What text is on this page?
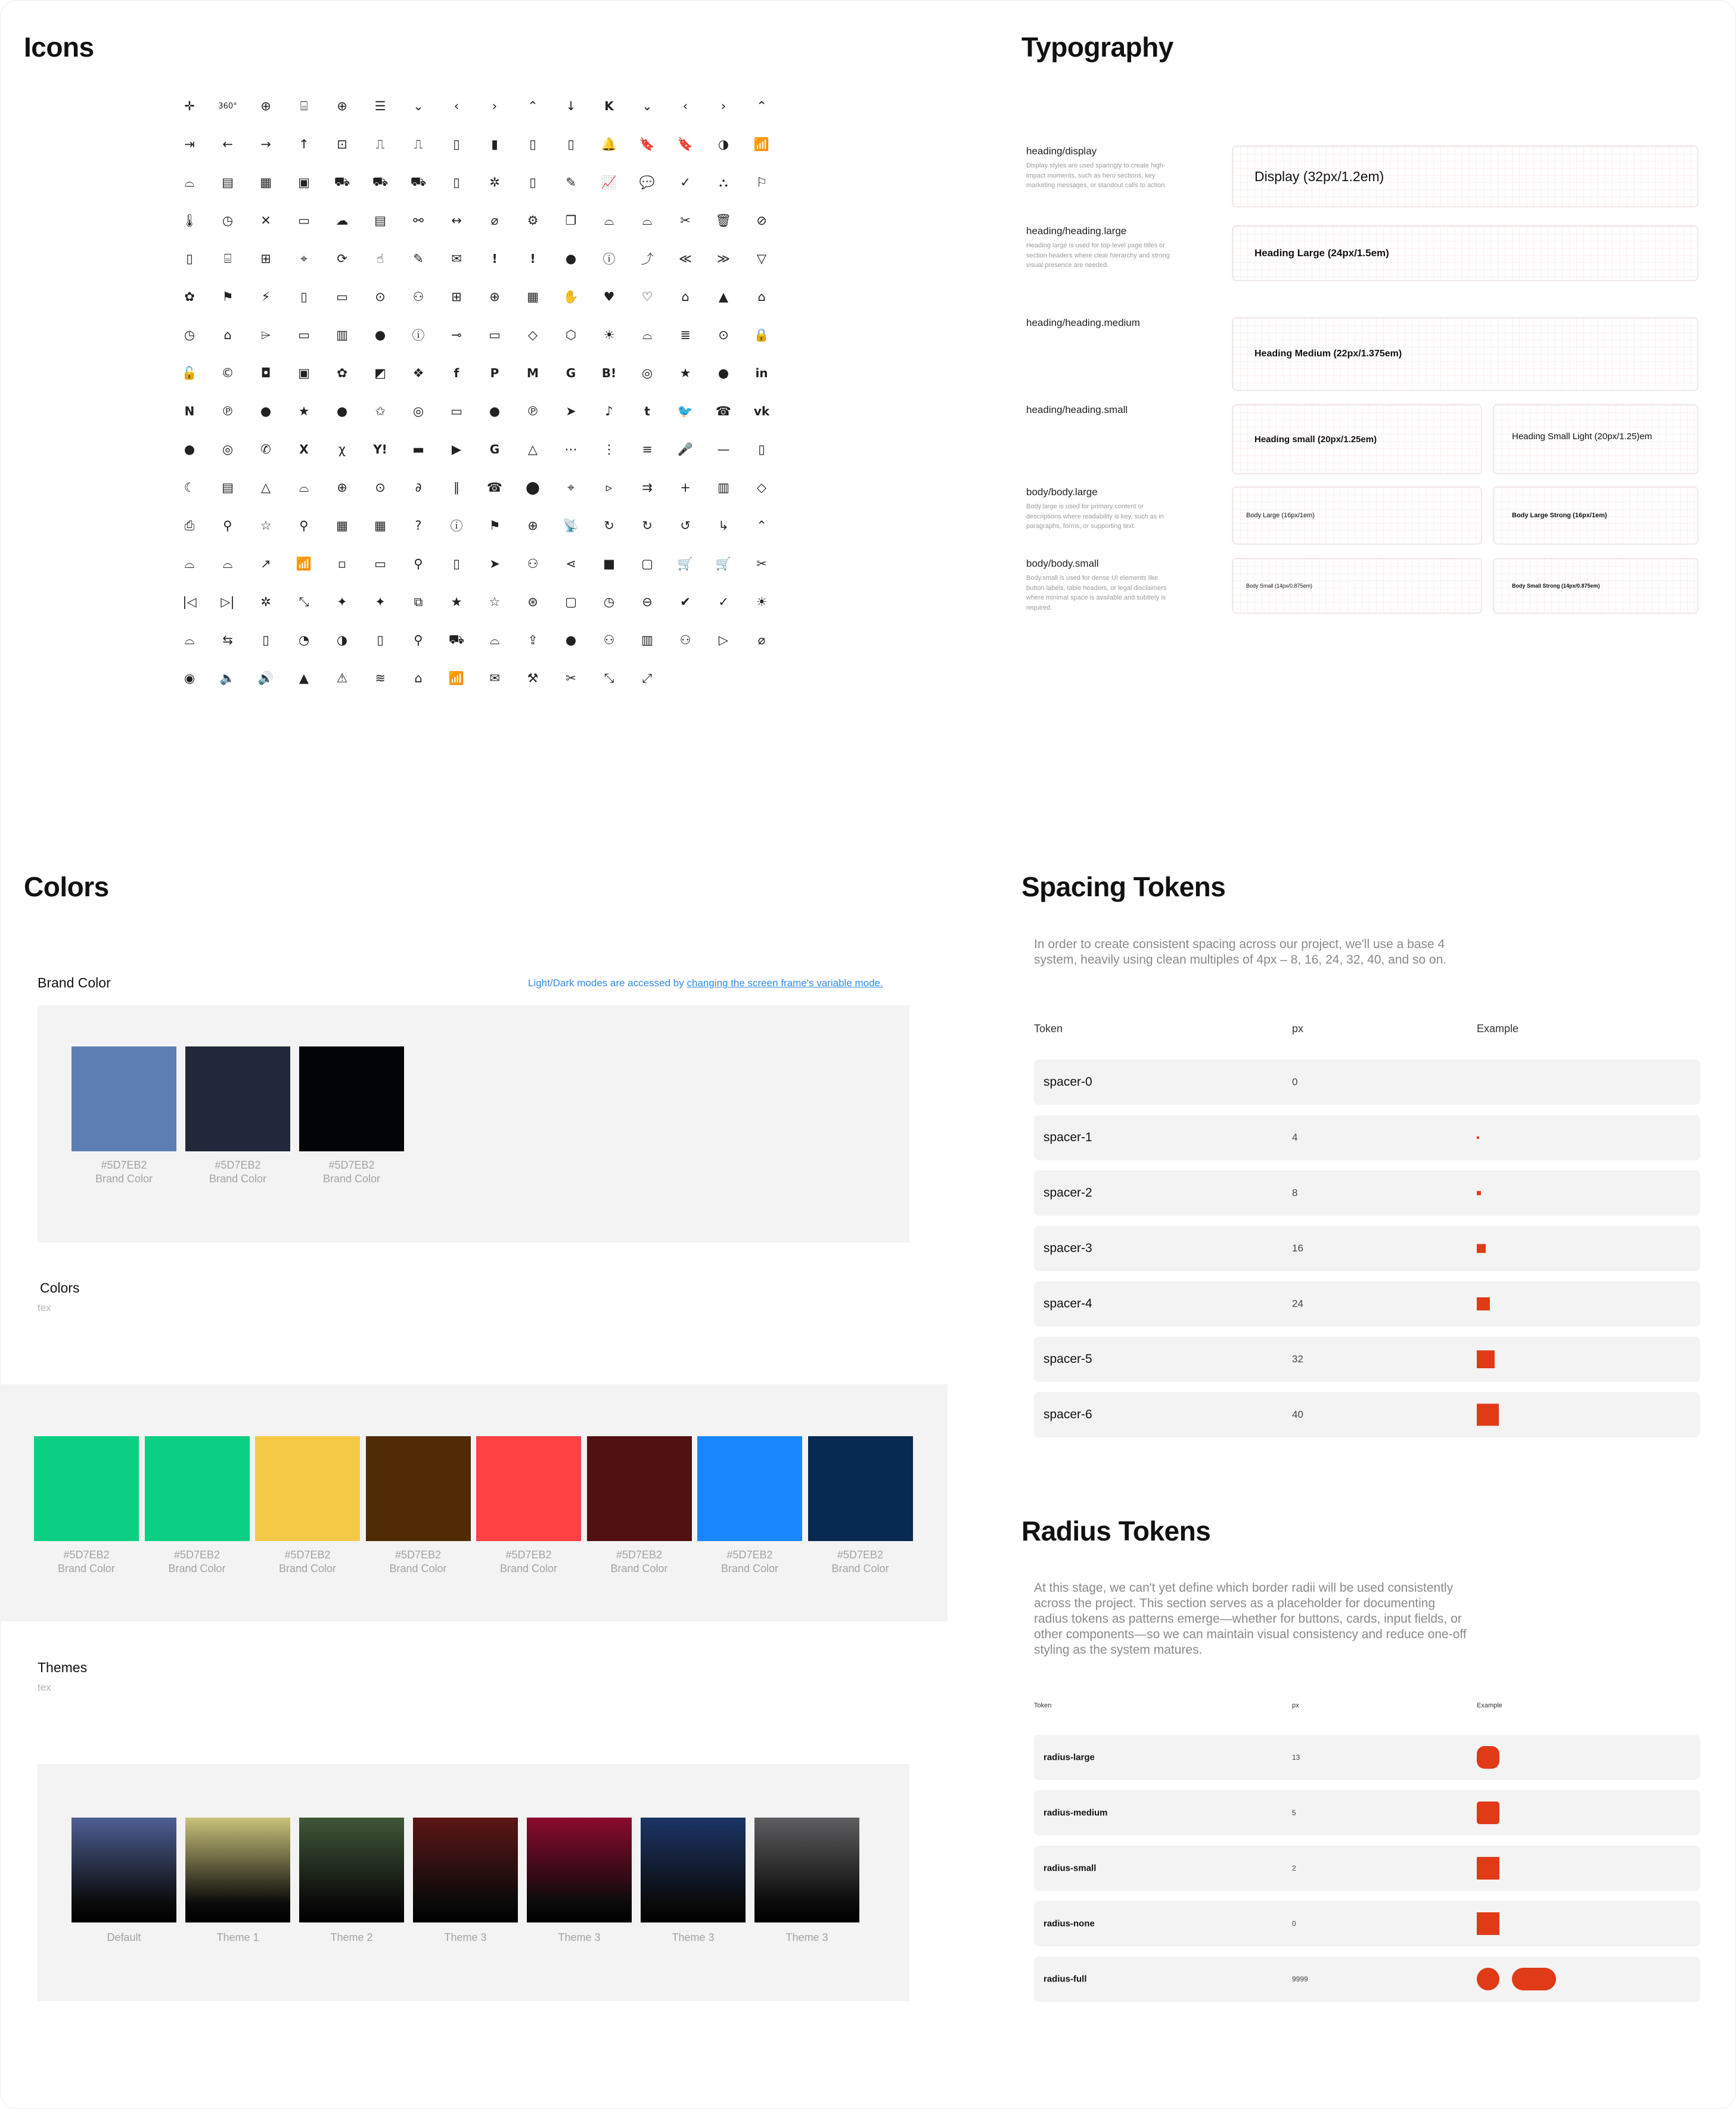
Icons
✛	360°	⊕	⌸	⊕	☰	⌄	‹	›	⌃	↓	K	⌄	‹	›	⌃
⇥	←	→	↑	⊡	⎍	⎍	▯	▮	▯	▯	🔔	🔖	🔖	◑	📶
⌓	▤	▦	▣	⛟	⛟	⛟	▯	✲	▯	✎	📈	💬	✓	⛬	⚐
🌡	◷	✕	▭	☁	▤	⚯	↔	⌀	⚙	❐	⌓	⌓	✂	🗑	⊘
▯	⌸	⊞	⌖	⟳	☝	✎	✉	!	!	●	ⓘ	⤴	≪	≫	▽
✿	⚑	⚡	▯	▭	⊙	⚇	⊞	⊕	▦	✋	♥	♡	⌂	▲	⌂
◷	⌂	⌲	▭	▥	●	ⓘ	⊸	▭	◇	⬡	☀	⌓	≣	⊙	🔒
🔓	©	◘	▣	✿	◩	❖	f	P	M	G	B!	◎	★	●	in
N	℗	●	★	●	✩	◎	▭	●	℗	➤	♪	t	🐦	☎	vk
●	◎	✆	X	χ	Y!	▬	▶	G	△	⋯	⋮	≡	🎤	—	▯
☾	▤	△	⌓	⊕	⊙	∂	∥	☎	⬤	⌖	▹	⇉	+	▥	◇
⎙	⚲	☆	⚲	▦	▦	?	ⓘ	⚑	⊕	📡	↻	↻	↺	↳	⌃
⌓	⌓	↗	📶	▫	▭	⚲	▯	➤	⚇	⋖	■	▢	🛒	🛒	✂
|◁	▷|	✲	⤡	✦	✦	⧉	★	☆	⊛	▢	◷	⊖	✔	✓	☀
⌓	⇆	▯	◔	◑	▯	⚲	⛟	⌓	⇪	●	⚇	▥	⚇	▷	⌀
◉	🔈	🔊	▲	⚠	≋	⌂	📶	✉	⚒	✂	⤡	⤢
Typography
heading/display
Display styles are used sparingly to create high-impact moments, such as hero sections, key marketing messages, or standout calls to action.
Display (32px/1.2em)
heading/heading.large
Heading large is used for top-level page titles or section headers where clear hierarchy and strong visual presence are needed.
Heading Large (24px/1.5em)
heading/heading.medium
Heading Medium (22px/1.375em)
heading/heading.small
Heading small (20px/1.25em)	Heading Small Light (20px/1.25)em
body/body.large
Body.large is used for primary content or descriptions where readability is key, such as in paragraphs, forms, or supporting text.
Body Large (16px/1em)	Body Large Strong (16px/1em)
body/body.small
Body.small is used for dense UI elements like button labels, table headers, or legal disclaimers where minimal space is available and subtlety is required.
Body Small (14px/0.875em)	Body Small Strong (14px/0.875em)
Colors
Brand Color	Light/Dark modes are accessed by changing the screen frame's variable mode.
#5D7EB2
Brand Color
#5D7EB2
Brand Color
#5D7EB2
Brand Color
Colors
tex
#5D7EB2
Brand Color
#5D7EB2
Brand Color
#5D7EB2
Brand Color
#5D7EB2
Brand Color
#5D7EB2
Brand Color
#5D7EB2
Brand Color
#5D7EB2
Brand Color
#5D7EB2
Brand Color
Themes
tex
Default	Theme 1	Theme 2	Theme 3	Theme 3	Theme 3	Theme 3
Spacing Tokens

In order to create consistent spacing across our project, we'll use a base 4 system, heavily using clean multiples of 4px – 8, 16, 24, 32, 40, and so on.

Token	px	Example
spacer-0	0
spacer-1	4
spacer-2	8
spacer-3	16
spacer-4	24
spacer-5	32
spacer-6	40
Radius Tokens

At this stage, we can't yet define which border radii will be used consistently across the project. This section serves as a placeholder for documenting radius tokens as patterns emerge—whether for buttons, cards, input fields, or other components—so we can maintain visual consistency and reduce one-off styling as the system matures.

Token	px	Example
radius-large	13
radius-medium	5
radius-small	2
radius-none	0
radius-full	9999
